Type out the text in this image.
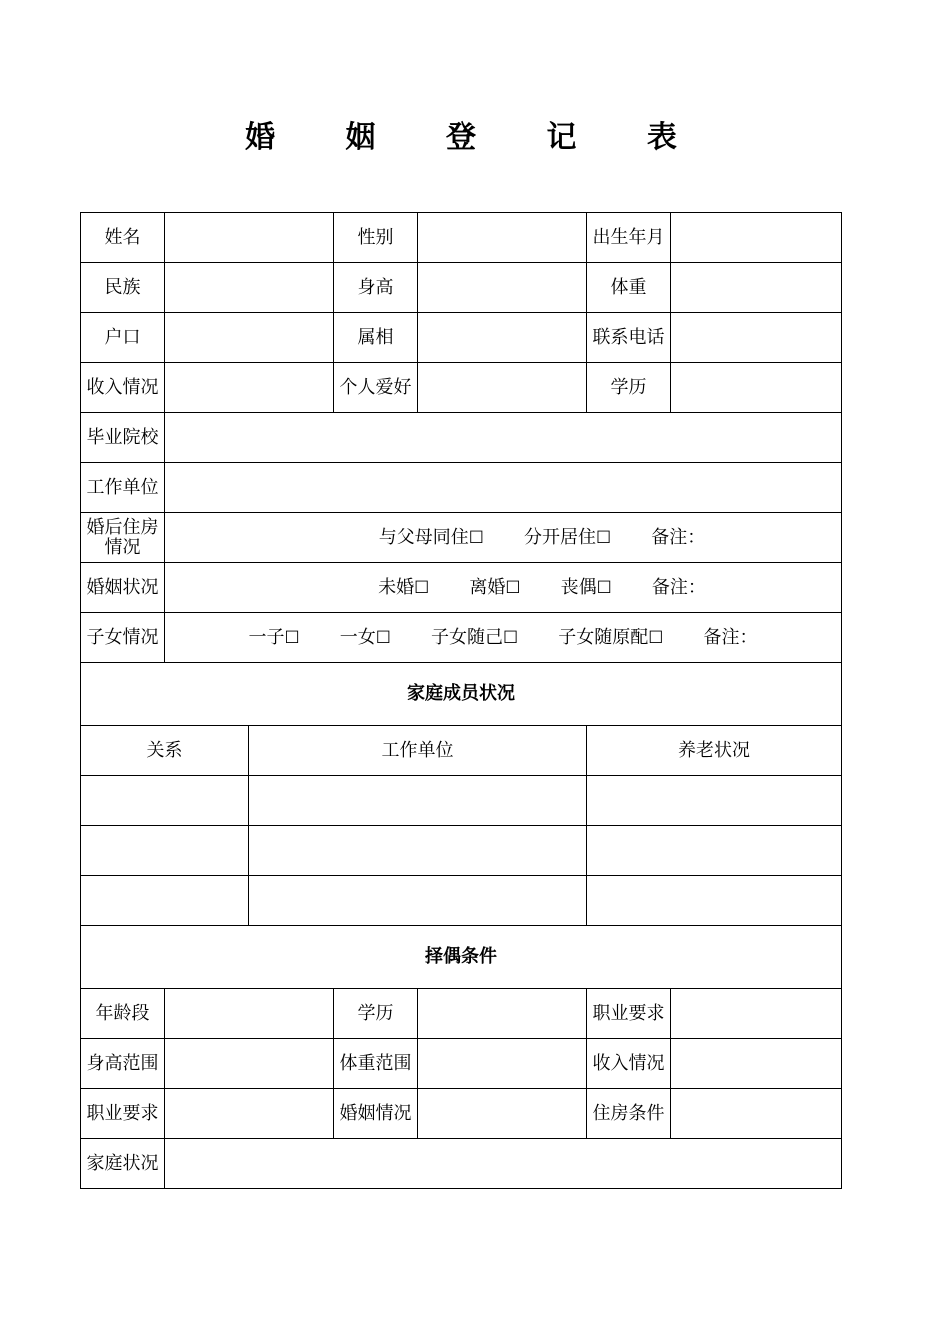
婚 姻 登 记 表
姓名			性别		出生年月	
民族			身高		体重	
户口			属相		联系电话	
收入情况			个人爱好		学历	
毕业院校						
工作单位						
婚后住房情况	与父母同住☐ 分开居住☐ 备注：					

婚姻状况	未婚☐ 离婚☐ 丧偶☐ 备注：					

子女情况	一子☐ 一女☐ 子女随己☐ 子女随原配☐ 备注：					

家庭成员状况						
关系		工作单位			养老状况	

择偶条件						
年龄段			学历		职业要求	
身高范围			体重范围		收入情况	
职业要求			婚姻情况		住房条件	
家庭状况						
